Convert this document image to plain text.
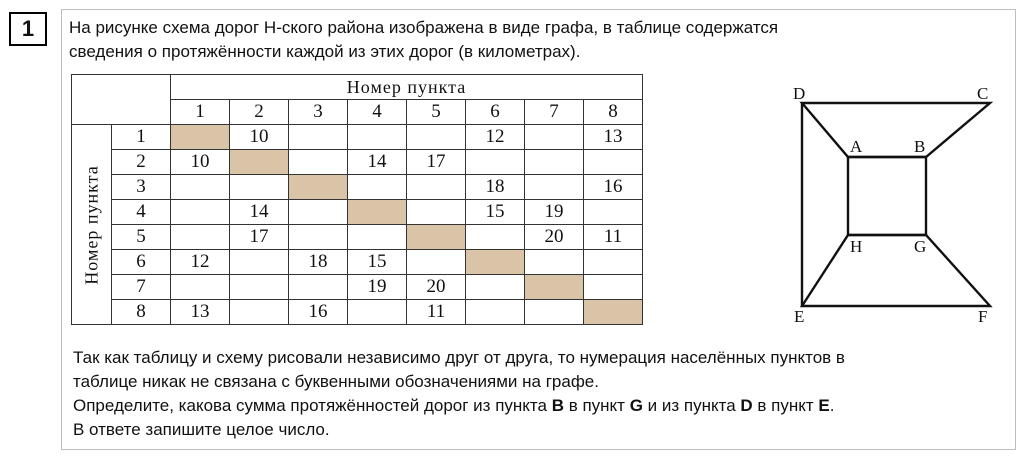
1 На рисунке схема дорог Н-ского района изображена в виде графа, в таблице содержатся
сведения о протяжённости каждой из этих дорог (в километрах).

		Номер пункта							
		1	2	3	4	5	6	7	8

Номер пункта	1		10				12		13
	2	10			14	17			
	3						18		16
	4		14				15	19	
	5		17					20	11
	6	12		18	15				
	7				19	20			
	8	13		16		11			
D	C
A	B
H	G
E	F

Так как таблицу и схему рисовали независимо друг от друга, то нумерация населённых пунктов в

таблице никак не связана с буквенными обозначениями на графе.

Определите, какова сумма протяжённостей дорог из пункта B в пункт G и из пункта D в пункт E.

В ответе запишите целое число.
